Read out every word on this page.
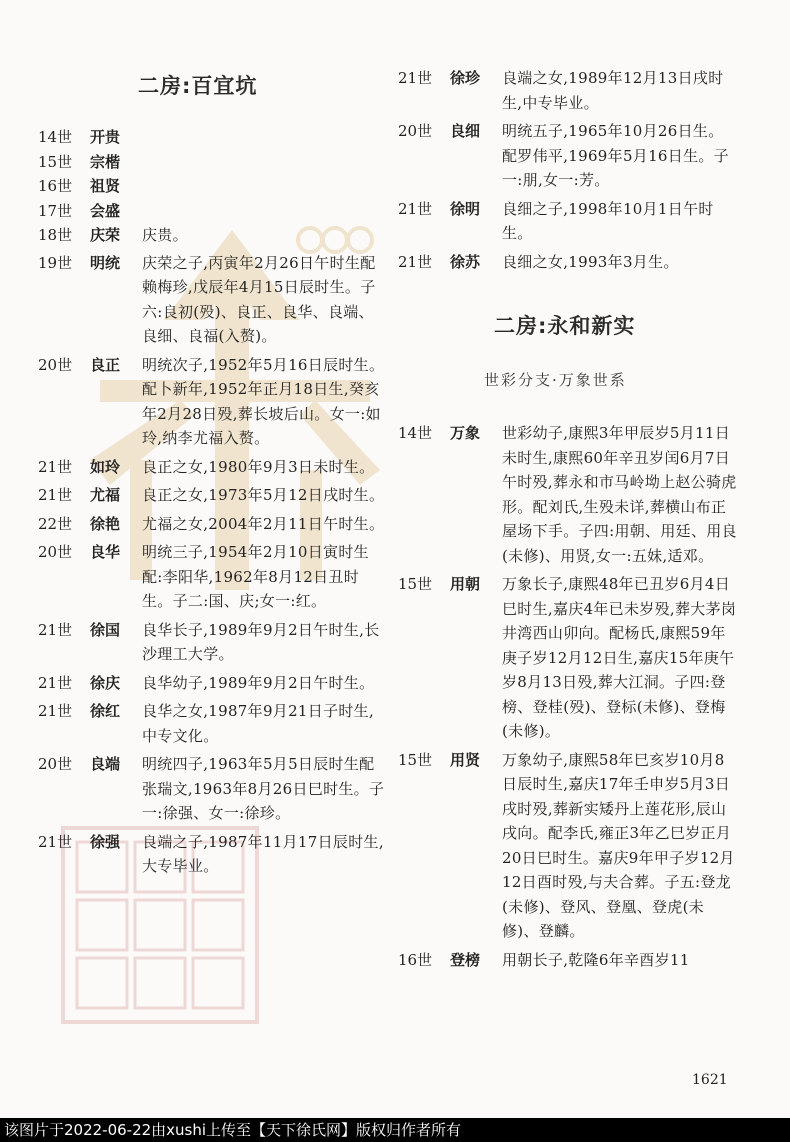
二房:百宜坑
14世	开贵
15世	宗楷
16世	祖贤
17世	会盛
18世	庆荣	庆贵。
19世	明统	庆荣之子,丙寅年2月26日午时生配赖梅珍,戊辰年4月15日辰时生。子六:良初(殁)、良正、良华、良端、良细、良福(入赘)。
20世	良正	明统次子,1952年5月16日辰时生。配卜新年,1952年正月18日生,癸亥年2月28日殁,葬长坡后山。女一:如玲,纳李尤福入赘。
21世	如玲	良正之女,1980年9月3日未时生。
21世	尤福	良正之女,1973年5月12日戌时生。
22世	徐艳	尤福之女,2004年2月11日午时生。
20世	良华	明统三子,1954年2月10日寅时生配:李阳华,1962年8月12日丑时生。子二:国、庆;女一:红。
21世	徐国	良华长子,1989年9月2日午时生,长沙理工大学。
21世	徐庆	良华幼子,1989年9月2日午时生。
21世	徐红	良华之女,1987年9月21日子时生,中专文化。
20世	良端	明统四子,1963年5月5日辰时生配张瑞文,1963年8月26日巳时生。子一:徐强、女一:徐珍。
21世	徐强	良端之子,1987年11月17日辰时生,大专毕业。
21世	徐珍	良端之女,1989年12月13日戌时生,中专毕业。
20世	良细	明统五子,1965年10月26日生。配罗伟平,1969年5月16日生。子一:朋,女一:芳。
21世	徐明	良细之子,1998年10月1日午时生。
21世	徐苏	良细之女,1993年3月生。
二房:永和新实
世彩分支·万象世系
14世	万象	世彩幼子,康熙3年甲辰岁5月11日未时生,康熙60年辛丑岁闰6月7日午时殁,葬永和市马岭坳上赵公骑虎形。配刘氏,生殁未详,葬横山布正屋场下手。子四:用朝、用廷、用良(未修)、用贤,女一:五妹,适邓。
15世	用朝	万象长子,康熙48年已丑岁6月4日巳时生,嘉庆4年已未岁殁,葬大茅岗井湾西山卯向。配杨氏,康熙59年庚子岁12月12日生,嘉庆15年庚午岁8月13日殁,葬大江洞。子四:登榜、登桂(殁)、登标(未修)、登梅(未修)。
15世	用贤	万象幼子,康熙58年巳亥岁10月8日辰时生,嘉庆17年壬申岁5月3日戌时殁,葬新实矮丹上莲花形,辰山戌向。配李氏,雍正3年乙巳岁正月20日巳时生。嘉庆9年甲子岁12月12日酉时殁,与夫合葬。子五:登龙(未修)、登风、登凰、登虎(未修)、登麟。
16世	登榜	用朝长子,乾隆6年辛酉岁11
1621
该图片于2022-06-22由xushi上传至【天下徐氏网】版权归作者所有
